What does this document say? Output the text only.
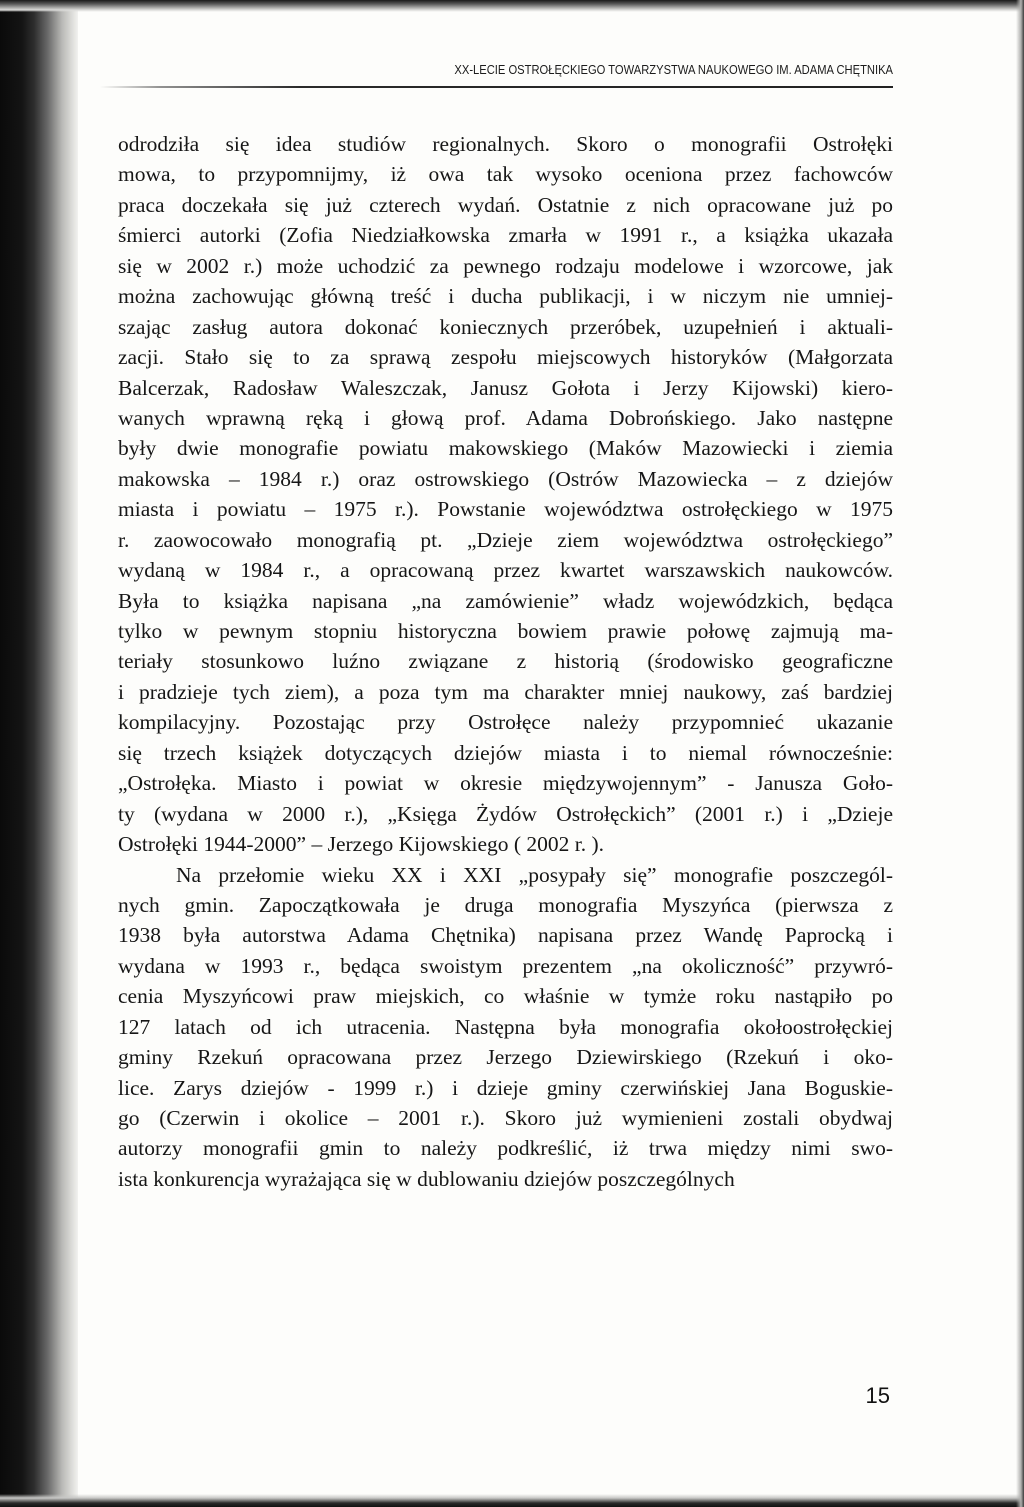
XX-LECIE OSTROŁĘCKIEGO TOWARZYSTWA NAUKOWEGO IM. ADAMA CHĘTNIKA

odrodziła się idea studiów regionalnych. Skoro o monografii Ostrołęki
mowa, to przypomnijmy, iż owa tak wysoko oceniona przez fachowców
praca doczekała się już czterech wydań. Ostatnie z nich opracowane już po
śmierci autorki (Zofia Niedziałkowska zmarła w 1991 r., a książka ukazała
się w 2002 r.) może uchodzić za pewnego rodzaju modelowe i wzorcowe, jak
można zachowując główną treść i ducha publikacji, i w niczym nie umniej-
szając zasług autora dokonać koniecznych przeróbek, uzupełnień i aktuali-
zacji. Stało się to za sprawą zespołu miejscowych historyków (Małgorzata
Balcerzak, Radosław Waleszczak, Janusz Gołota i Jerzy Kijowski) kiero-
wanych wprawną ręką i głową prof. Adama Dobrońskiego. Jako następne
były dwie monografie powiatu makowskiego (Maków Mazowiecki i ziemia
makowska – 1984 r.) oraz ostrowskiego (Ostrów Mazowiecka – z dziejów
miasta i powiatu – 1975 r.). Powstanie województwa ostrołęckiego w 1975
r. zaowocowało monografią pt. „Dzieje ziem województwa ostrołęckiego”
wydaną w 1984 r., a opracowaną przez kwartet warszawskich naukowców.
Była to książka napisana „na zamówienie” władz wojewódzkich, będąca
tylko w pewnym stopniu historyczna bowiem prawie połowę zajmują ma-
teriały stosunkowo luźno związane z historią (środowisko geograficzne
i pradzieje tych ziem), a poza tym ma charakter mniej naukowy, zaś bardziej
kompilacyjny. Pozostając przy Ostrołęce należy przypomnieć ukazanie
się trzech książek dotyczących dziejów miasta i to niemal równocześnie:
„Ostrołęka. Miasto i powiat w okresie międzywojennym” - Janusza Goło-
ty (wydana w 2000 r.), „Księga Żydów Ostrołęckich” (2001 r.) i „Dzieje
Ostrołęki 1944-2000” – Jerzego Kijowskiego ( 2002 r. ).
Na przełomie wieku XX i XXI „posypały się” monografie poszczegól-
nych gmin. Zapoczątkowała je druga monografia Myszyńca (pierwsza z
1938 była autorstwa Adama Chętnika) napisana przez Wandę Paprocką i
wydana w 1993 r., będąca swoistym prezentem „na okoliczność” przywró-
cenia Myszyńcowi praw miejskich, co właśnie w tymże roku nastąpiło po
127 latach od ich utracenia. Następna była monografia okołoostrołęckiej
gminy Rzekuń opracowana przez Jerzego Dziewirskiego (Rzekuń i oko-
lice. Zarys dziejów - 1999 r.) i dzieje gminy czerwińskiej Jana Boguskie-
go (Czerwin i okolice – 2001 r.). Skoro już wymienieni zostali obydwaj
autorzy monografii gmin to należy podkreślić, iż trwa między nimi swo-
ista konkurencja wyrażająca się w dublowaniu dziejów poszczególnych

15
